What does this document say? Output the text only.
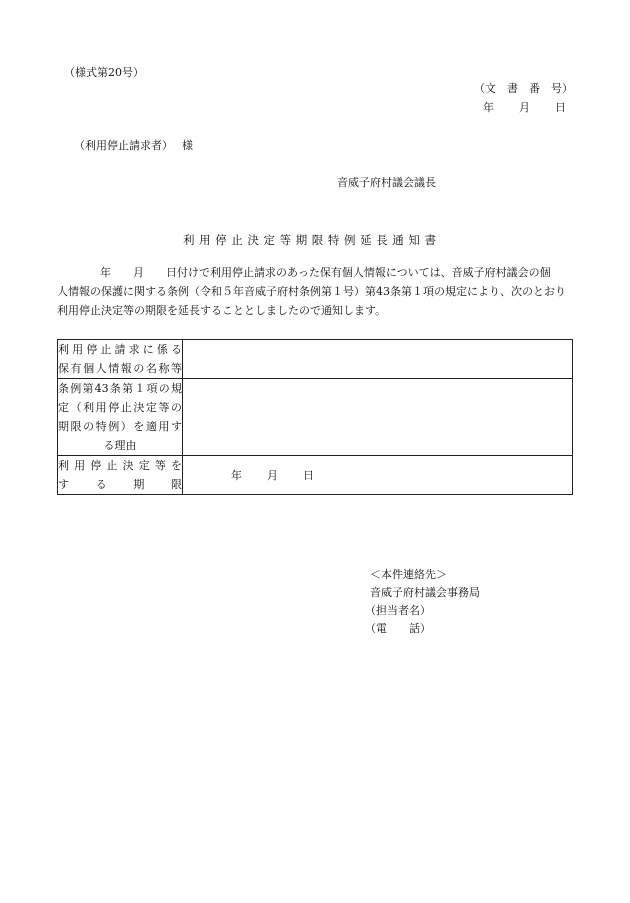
（様式第20号）
（文　書　番　号）
年　　月　　日
（利用停止請求者）　 様
音威子府村議会議長
利用停止決定等期限特例延長通知書
年　　月　　日付けで利用停止請求のあった保有個人情報については、音威子府村議会の個
人情報の保護に関する条例（令和５年音威子府村条例第１号）第43条第１項の規定により、次のとおり
利用停止決定等の期限を延長することとしましたので通知します。
利用停止請求に係る
保有個人情報の名称等	

条例第43条第１項の規
定（利用停止決定等の
期限の特例）を適用す
る理由	

利用停止決定等を
する期限	年　　月　　日
＜本件連絡先＞
音威子府村議会事務局
（担当者名）
（電　　話）
